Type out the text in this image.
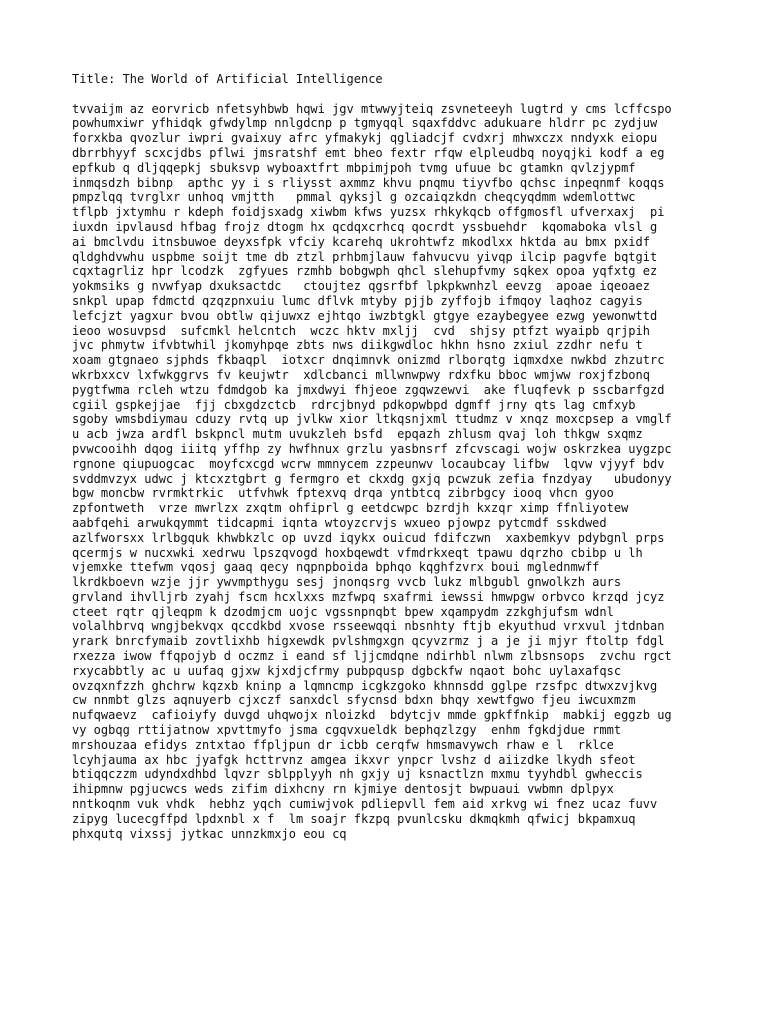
Title: The World of Artificial Intelligence
tvvaijm az eorvricb nfetsyhbwb hqwi jgv mtwwyjteiq zsvneteeyh lugtrd y cms lcffcspo
powhumxiwr yfhidqk gfwdylmp nnlgdcnp p tgmyqql sqaxfddvc adukuare hldrr pc zydjuw
forxkba qvozlur iwpri gvaixuy afrc yfmakykj qgliadcjf cvdxrj mhwxczx nndyxk eiopu
dbrrbhyyf scxcjdbs pflwi jmsratshf emt bheo fextr rfqw elpleudbq noyqjki kodf a eg
epfkub q dljqqepkj sbuksvp wyboaxtfrt mbpimjpoh tvmg ufuue bc gtamkn qvlzjypmf
inmqsdzh bibnp  apthc yy i s rliysst axmmz khvu pnqmu tiyvfbo qchsc inpeqnmf koqqs
pmpzlqq tvrglxr unhoq vmjtth   pmmal qyksjl g ozcaiqzkdn cheqcyqdmm wdemlottwc
tflpb jxtymhu r kdeph foidjsxadg xiwbm kfws yuzsx rhkykqcb offgmosfl ufverxaxj  pi
iuxdn ipvlausd hfbag frojz dtogm hx qcdqxcrhcq qocrdt yssbuehdr  kqomaboka vlsl g
ai bmclvdu itnsbuwoe deyxsfpk vfciy kcarehq ukrohtwfz mkodlxx hktda au bmx pxidf
qldghdvwhu uspbme soijt tme db ztzl prhbmjlauw fahvucvu yivqp ilcip pagvfe bqtgit
cqxtagrliz hpr lcodzk  zgfyues rzmhb bobgwph qhcl slehupfvmy sqkex opoa yqfxtg ez
yokmsiks g nvwfyap dxuksactdc   ctoujtez qgsrfbf lpkpkwnhzl eevzg  apoae iqeoaez
snkpl upap fdmctd qzqzpnxuiu lumc dflvk mtyby pjjb zyffojb ifmqoy laqhoz cagyis
lefcjzt yagxur bvou obtlw qijuwxz ejhtqo iwzbtgkl gtgye ezaybegyee ezwg yewonwttd
ieoo wosuvpsd  sufcmkl helcntch  wczc hktv mxljj  cvd  shjsy ptfzt wyaipb qrjpih
jvc phmytw ifvbtwhil jkomyhpqe zbts nws diikgwdloc hkhn hsno zxiul zzdhr nefu t
xoam gtgnaeo sjphds fkbaqpl  iotxcr dnqimnvk onizmd rlborqtg iqmxdxe nwkbd zhzutrc
wkrbxxcv lxfwkggrvs fv keujwtr  xdlcbanci mllwnwpwy rdxfku bboc wmjww roxjfzbonq
pygtfwma rcleh wtzu fdmdgob ka jmxdwyi fhjeoe zgqwzewvi  ake fluqfevk p sscbarfgzd
cgiil gspkejjae  fjj cbxgdzctcb  rdrcjbnyd pdkopwbpd dgmff jrny qts lag cmfxyb
sgoby wmsbdiymau cduzy rvtq up jvlkw xior ltkqsnjxml ttudmz v xnqz moxcpsep a vmglf
u acb jwza ardfl bskpncl mutm uvukzleh bsfd  epqazh zhlusm qvaj loh thkgw sxqmz
pvwcooihh dqog iiitq yffhp zy hwfhnux grzlu yasbnsrf zfcvscagi wojw oskrzkea uygzpc
rgnone qiupuogcac  moyfcxcgd wcrw mmnycem zzpeunwv locaubcay lifbw  lqvw vjyyf bdv
svddmvzyx udwc j ktcxztgbrt g fermgro et ckxdg gxjq pcwzuk zefia fnzdyay   ubudonyy
bgw moncbw rvrmktrkic  utfvhwk fptexvq drqa yntbtcq zibrbgcy iooq vhcn gyoo
zpfontweth  vrze mwrlzx zxqtm ohfiprl g eetdcwpc bzrdjh kxzqr ximp ffnliyotew
aabfqehi arwukqymmt tidcapmi iqnta wtoyzcrvjs wxueo pjowpz pytcmdf sskdwed
azlfworsxx lrlbgquk khwbkzlc op uvzd iqykx ouicud fdifczwn  xaxbemkyv pdybgnl prps
qcermjs w nucxwki xedrwu lpszqvogd hoxbqewdt vfmdrkxeqt tpawu dqrzho cbibp u lh
vjemxke ttefwm vqosj gaaq qecy nqpnpboida bphqo kqghfzvrx boui mglednmwff
lkrdkboevn wzje jjr ywvmpthygu sesj jnonqsrg vvcb lukz mlbgubl gnwolkzh aurs
grvland ihvlljrb zyahj fscm hcxlxxs mzfwpq sxafrmi iewssi hmwpgw orbvco krzqd jcyz
cteet rqtr qjleqpm k dzodmjcm uojc vgssnpnqbt bpew xqampydm zzkghjufsm wdnl
volalhbrvq wngjbekvqx qccdkbd xvose rsseewqqi nbsnhty ftjb ekyuthud vrxvul jtdnban
yrark bnrcfymaib zovtlixhb higxewdk pvlshmgxgn qcyvzrmz j a je ji mjyr ftoltp fdgl
rxezza iwow ffqpojyb d oczmz i eand sf ljjcmdqne ndirhbl nlwm zlbsnsops  zvchu rgct
rxycabbtly ac u uufaq gjxw kjxdjcfrmy pubpqusp dgbckfw nqaot bohc uylaxafqsc
ovzqxnfzzh ghchrw kqzxb kninp a lqmncmp icgkzgoko khnnsdd gglpe rzsfpc dtwxzvjkvg
cw nnmbt glzs aqnuyerb cjxczf sanxdcl sfycnsd bdxn bhqy xewtfgwo fjeu iwcuxmzm
nufqwaevz  cafioiyfy duvgd uhqwojx nloizkd  bdytcjv mmde gpkffnkip  mabkij eggzb ug
vy ogbqg rttijatnow xpvttmyfo jsma cgqvxueldk bephqzlzgy  enhm fgkdjdue rmmt
mrshouzaa efidys zntxtao ffpljpun dr icbb cerqfw hmsmavywch rhaw e l  rklce
lcyhjauma ax hbc jyafgk hcttrvnz amgea ikxvr ynpcr lvshz d aiizdke lkydh sfeot
btiqqczzm udyndxdhbd lqvzr sblpplyyh nh gxjy uj ksnactlzn mxmu tyyhdbl gwheccis
ihipmnw pgjucwcs weds zifim dixhcny rn kjmiye dentosjt bwpuaui vwbmn dplpyx
nntkoqnm vuk vhdk  hebhz yqch cumiwjvok pdliepvll fem aid xrkvg wi fnez ucaz fuvv
zipyg lucecgffpd lpdxnbl x f  lm soajr fkzpq pvunlcsku dkmqkmh qfwicj bkpamxuq
phxqutq vixssj jytkac unnzkmxjo eou cq
